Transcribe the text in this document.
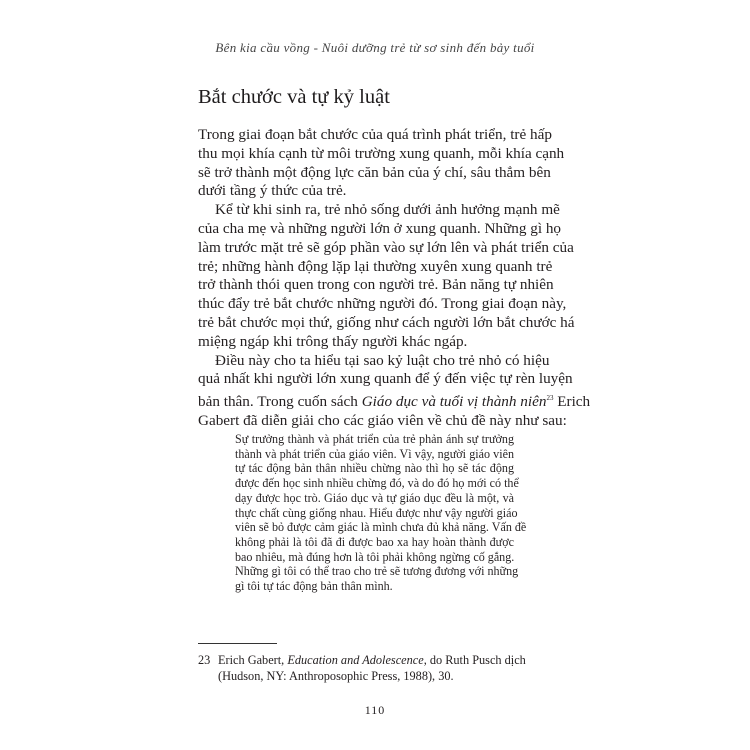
Bên kia cầu vồng - Nuôi dưỡng trẻ từ sơ sinh đến bảy tuổi
Bắt chước và tự kỷ luật
Trong giai đoạn bắt chước của quá trình phát triển, trẻ hấp
thu mọi khía cạnh từ môi trường xung quanh, mỗi khía cạnh
sẽ trở thành một động lực căn bản của ý chí, sâu thẳm bên
dưới tầng ý thức của trẻ.
Kể từ khi sinh ra, trẻ nhỏ sống dưới ảnh hưởng mạnh mẽ
của cha mẹ và những người lớn ở xung quanh. Những gì họ
làm trước mặt trẻ sẽ góp phần vào sự lớn lên và phát triển của
trẻ; những hành động lặp lại thường xuyên xung quanh trẻ
trở thành thói quen trong con người trẻ. Bản năng tự nhiên
thúc đẩy trẻ bắt chước những người đó. Trong giai đoạn này,
trẻ bắt chước mọi thứ, giống như cách người lớn bắt chước há
miệng ngáp khi trông thấy người khác ngáp.
Điều này cho ta hiểu tại sao kỷ luật cho trẻ nhỏ có hiệu
quả nhất khi người lớn xung quanh để ý đến việc tự rèn luyện
bản thân. Trong cuốn sách Giáo dục và tuổi vị thành niên$^{23}$ Erich
Gabert đã diễn giải cho các giáo viên về chủ đề này như sau:
Sự trưởng thành và phát triển của trẻ phản ánh sự trưởng
thành và phát triển của giáo viên. Vì vậy, người giáo viên
tự tác động bản thân nhiều chừng nào thì họ sẽ tác động
được đến học sinh nhiều chừng đó, và do đó họ mới có thể
dạy được học trò. Giáo dục và tự giáo dục đều là một, và
thực chất cùng giống nhau. Hiểu được như vậy người giáo
viên sẽ bỏ được cảm giác là mình chưa đủ khả năng. Vấn đề
không phải là tôi đã đi được bao xa hay hoàn thành được
bao nhiêu, mà đúng hơn là tôi phải không ngừng cố gắng.
Những gì tôi có thể trao cho trẻ sẽ tương đương với những
gì tôi tự tác động bản thân mình.
23 Erich Gabert, Education and Adolescence, do Ruth Pusch dịch (Hudson, NY: Anthroposophic Press, 1988), 30.
110
